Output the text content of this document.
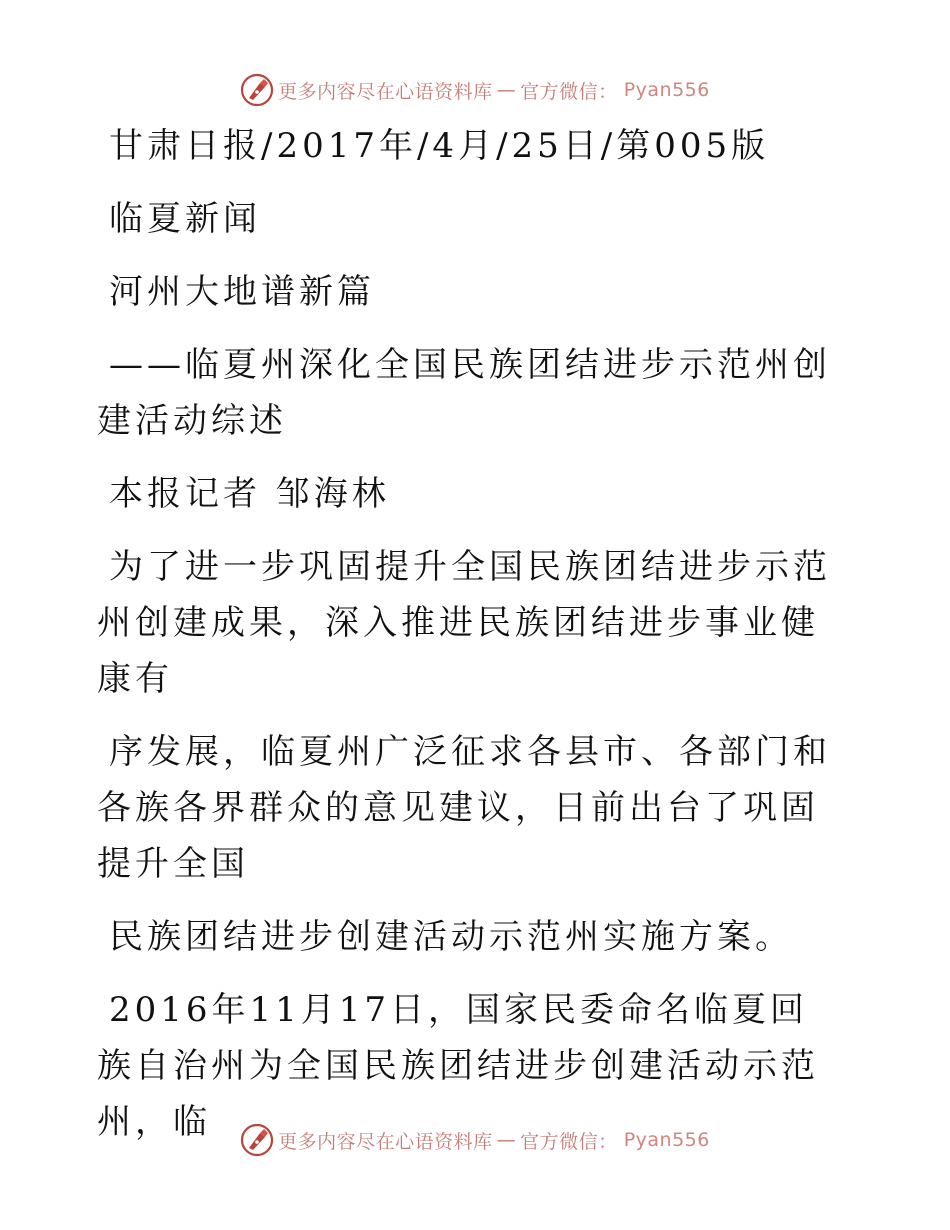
更多内容尽在心语资料库 — 官方微信： Pyan556

甘肃日报/2017年/4月/25日/第005版

临夏新闻

河州大地谱新篇

——临夏州深化全国民族团结进步示范州创建活动综述

本报记者 邹海林

为了进一步巩固提升全国民族团结进步示范州创建成果，深入推进民族团结进步事业健康有

序发展，临夏州广泛征求各县市、各部门和各族各界群众的意见建议，日前出台了巩固提升全国

民族团结进步创建活动示范州实施方案。

2016年11月17日，国家民委命名临夏回族自治州为全国民族团结进步创建活动示范州，临	更多内容尽在心语资料库 — 官方微信： Pyan556
